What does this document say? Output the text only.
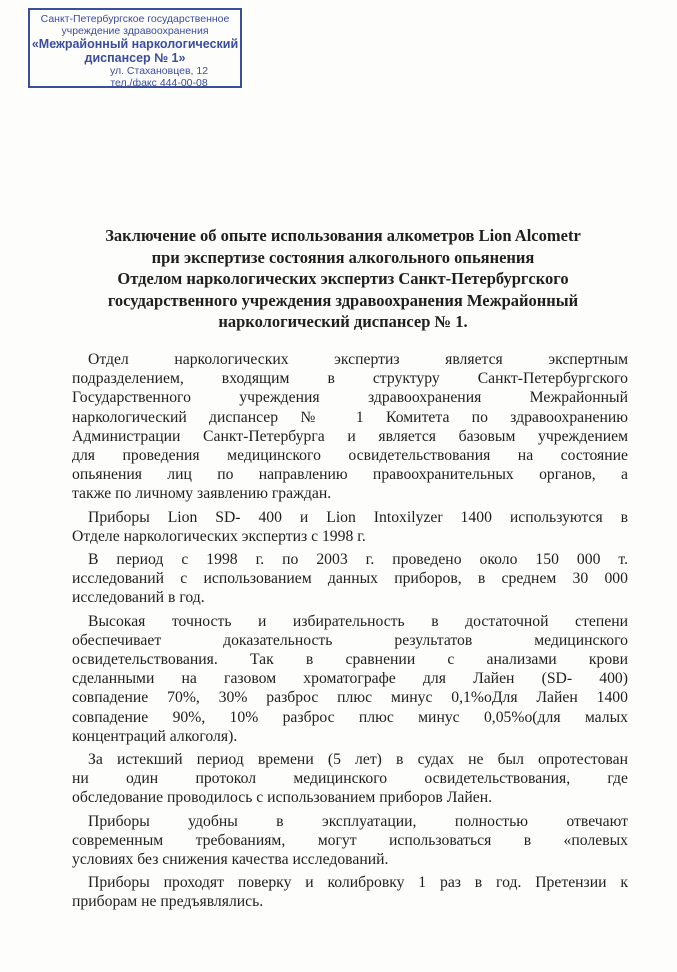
Санкт-Петербургское государственное
учреждение здравоохранения
«Межрайонный наркологический
диспансер № 1»
ул. Стахановцев, 12
тел./факс 444-00-08
Заключение об опыте использования алкометров Lion Alcometr
при экспертизе состояния алкогольного опьянения
Отделом наркологических экспертиз Санкт-Петербургского
государственного учреждения здравоохранения Межрайонный
наркологический диспансер № 1.
Отдел наркологических экспертиз является экспертным
подразделением, входящим в структуру Санкт-Петербургского
Государственного учреждения здравоохранения Межрайонный
наркологический диспансер № 1 Комитета по здравоохранению
Администрации Санкт-Петербурга и является базовым учреждением
для проведения медицинского освидетельствования на состояние
опьянения лиц по направлению правоохранительных органов, а
также по личному заявлению граждан.
Приборы Lion SD- 400 и Lion Intoxilyzer 1400 используются в
Отделе наркологических экспертиз с 1998 г.
В период с 1998 г. по 2003 г. проведено около 150 000 т.
исследований с использованием данных приборов, в среднем 30 000
исследований в год.
Высокая точность и избирательность в достаточной степени
обеспечивает доказательность результатов медицинского
освидетельствования. Так в сравнении с анализами крови
сделанными на газовом хроматографе для Лайен (SD- 400)
совпадение 70%, 30% разброс плюс минус 0,1%оДля Лайен 1400
совпадение 90%, 10% разброс плюс минус 0,05%о(для малых
концентраций алкоголя).
За истекший период времени (5 лет) в судах не был опротестован
ни один протокол медицинского освидетельствования, где
обследование проводилось с использованием приборов Лайен.
Приборы удобны в эксплуатации, полностью отвечают
современным требованиям, могут использоваться в «полевых
условиях без снижения качества исследований.
Приборы проходят поверку и колибровку 1 раз в год. Претензии к
приборам не предъявлялись.
